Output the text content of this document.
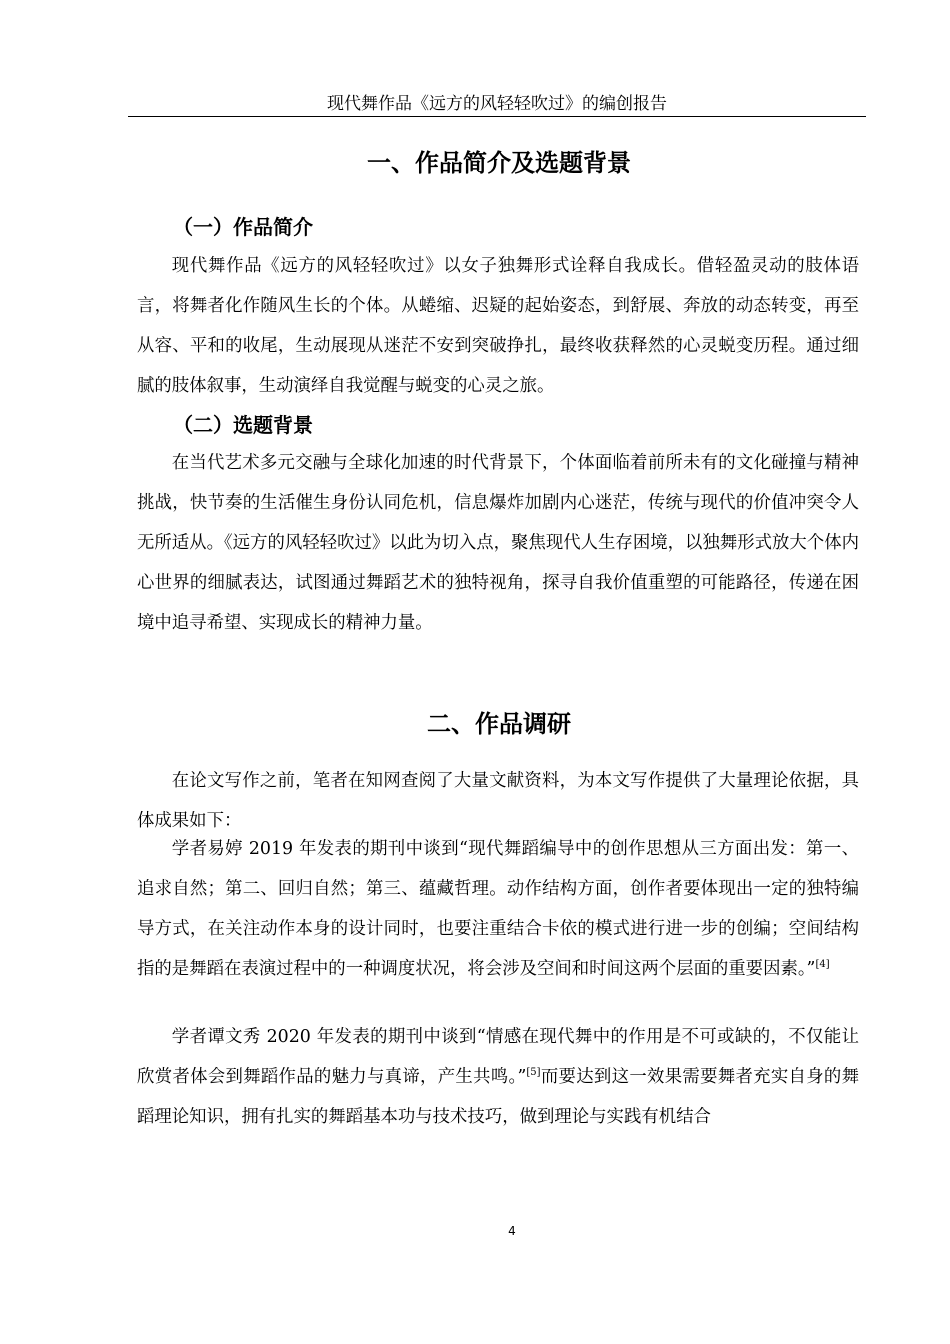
现代舞作品《远方的风轻轻吹过》的编创报告
一、作品简介及选题背景
（一）作品简介

现代舞作品《远方的风轻轻吹过》以女子独舞形式诠释自我成长。借轻盈灵动的肢体语言，将舞者化作随风生长的个体。从蜷缩、迟疑的起始姿态，到舒展、奔放的动态转变，再至从容、平和的收尾，生动展现从迷茫不安到突破挣扎，最终收获释然的心灵蜕变历程。通过细腻的肢体叙事，生动演绎自我觉醒与蜕变的心灵之旅。

（二）选题背景

在当代艺术多元交融与全球化加速的时代背景下，个体面临着前所未有的文化碰撞与精神挑战，快节奏的生活催生身份认同危机，信息爆炸加剧内心迷茫，传统与现代的价值冲突令人无所适从。《远方的风轻轻吹过》以此为切入点，聚焦现代人生存困境，以独舞形式放大个体内心世界的细腻表达，试图通过舞蹈艺术的独特视角，探寻自我价值重塑的可能路径，传递在困境中追寻希望、实现成长的精神力量。

二、作品调研

在论文写作之前，笔者在知网查阅了大量文献资料，为本文写作提供了大量理论依据，具体成果如下：

学者易婷 2019 年发表的期刊中谈到“现代舞蹈编导中的创作思想从三方面出发：第一、追求自然；第二、回归自然；第三、蕴藏哲理。动作结构方面，创作者要体现出一定的独特编导方式，在关注动作本身的设计同时，也要注重结合卡依的模式进行进一步的创编；空间结构指的是舞蹈在表演过程中的一种调度状况，将会涉及空间和时间这两个层面的重要因素。”[4]

学者谭文秀 2020 年发表的期刊中谈到“情感在现代舞中的作用是不可或缺的，不仅能让欣赏者体会到舞蹈作品的魅力与真谛，产生共鸣。”[5]而要达到这一效果需要舞者充实自身的舞蹈理论知识，拥有扎实的舞蹈基本功与技术技巧，做到理论与实践有机结合

4
